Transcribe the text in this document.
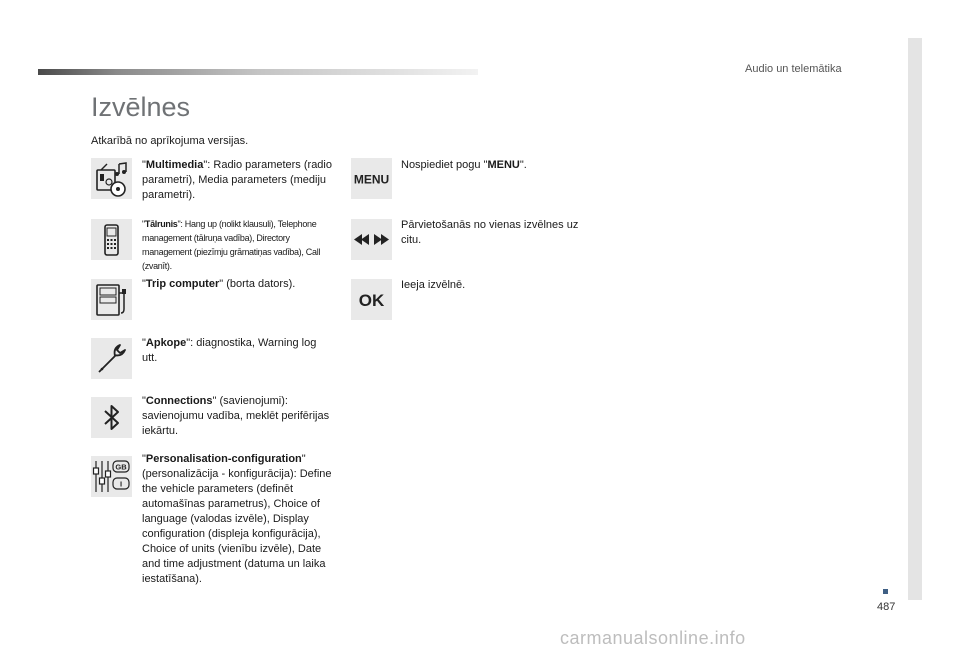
Audio un telemātika
487
Izvēlnes
Atkarībā no aprīkojuma versijas.
GB
I
"Multimedia": Radio parameters (radio parametri), Media parameters (mediju parametri).
"Tālrunis": Hang up (nolikt klausuli), Telephone management (tālruņa vadība), Directory management (piezīmju grāmatiņas vadība), Call (zvanīt).
"Trip computer" (borta dators).
"Apkope": diagnostika, Warning log utt.
"Connections" (savienojumi): savienojumu vadība, meklēt perifērijas iekārtu.
"Personalisation-configuration" (personalizācija - konfigurācija): Define the vehicle parameters (definēt automašīnas parametrus), Choice of language (valodas izvēle), Display configuration (displeja konfigurācija), Choice of units (vienību izvēle), Date and time adjustment (datuma un laika iestatīšana).
MENU
OK
Nospiediet pogu "MENU".
Pārvietošanās no vienas izvēlnes uz citu.
Ieeja izvēlnē.
carmanualsonline.info
